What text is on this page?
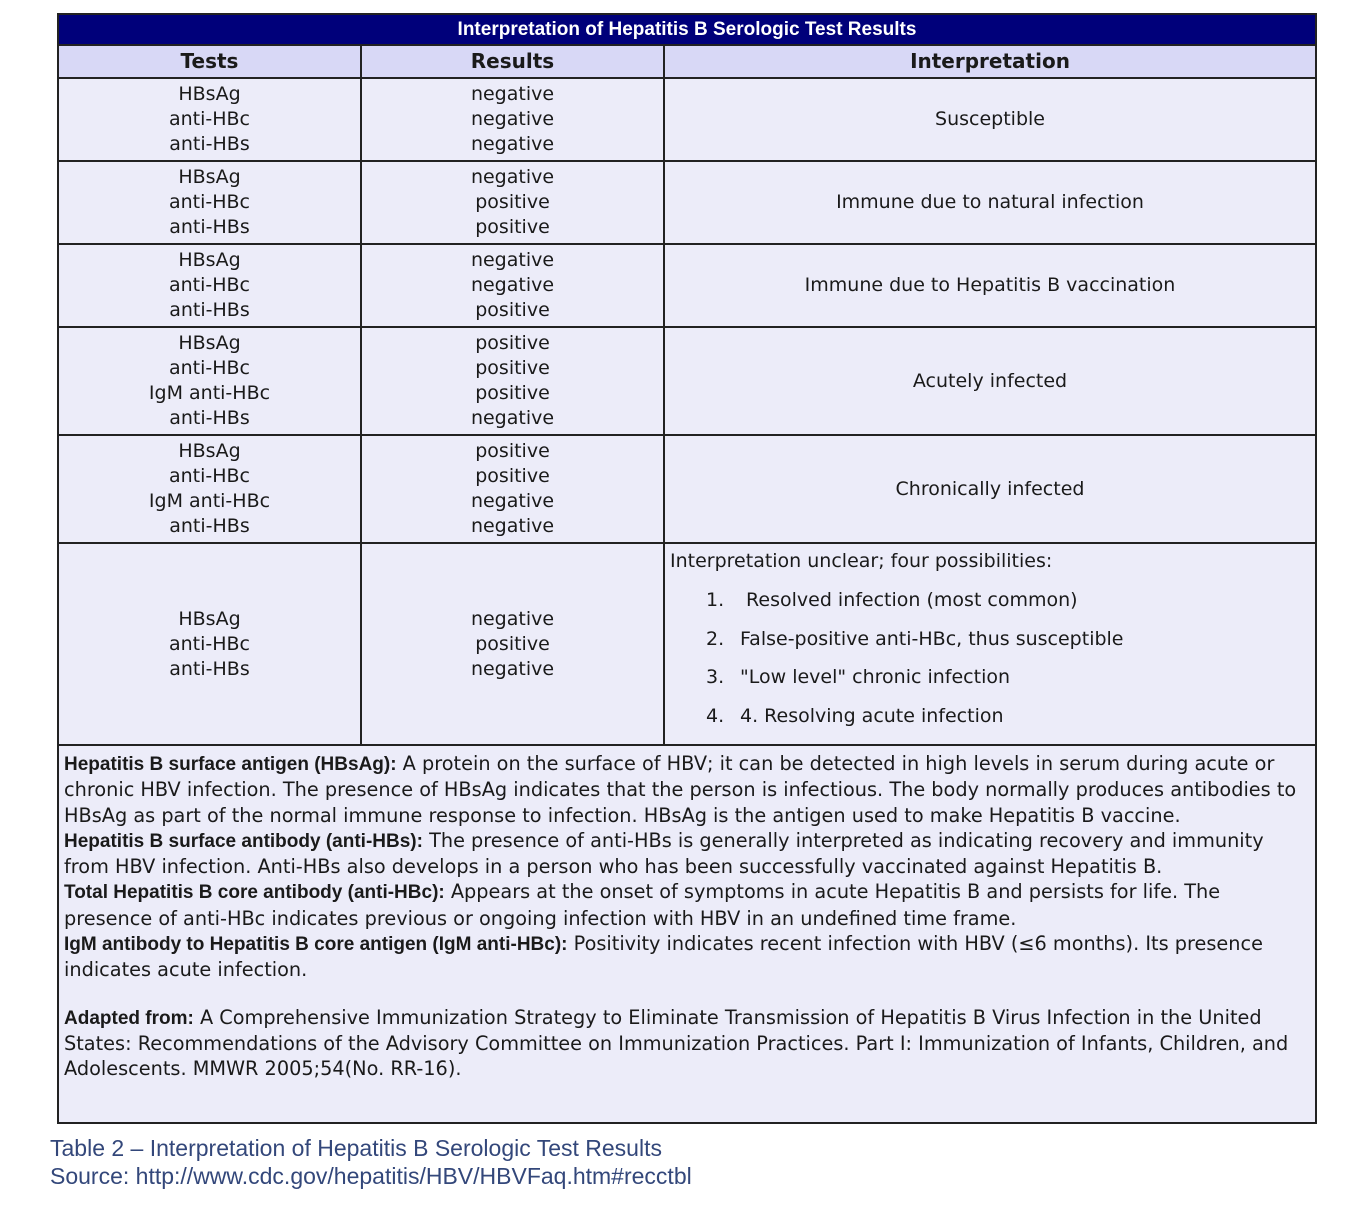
Interpretation of Hepatitis B Serologic Test Results
Tests	Results	Interpretation
HBsAg
anti-HBc
anti-HBs
negative
negative
negative
Susceptible
HBsAg
anti-HBc
anti-HBs
negative
positive
positive
Immune due to natural infection
HBsAg
anti-HBc
anti-HBs
negative
negative
positive
Immune due to Hepatitis B vaccination
HBsAg
anti-HBc
IgM anti-HBc
anti-HBs
positive
positive
positive
negative
Acutely infected
HBsAg
anti-HBc
IgM anti-HBc
anti-HBs
positive
positive
negative
negative
Chronically infected
HBsAg
anti-HBc
anti-HBs
negative
positive
negative
Interpretation unclear; four possibilities:
1. Resolved infection (most common)
2. False-positive anti-HBc, thus susceptible
3. "Low level" chronic infection
4. 4. Resolving acute infection

Hepatitis B surface antigen (HBsAg): A protein on the surface of HBV; it can be detected in high levels in serum during acute or chronic HBV infection. The presence of HBsAg indicates that the person is infectious. The body normally produces antibodies to HBsAg as part of the normal immune response to infection. HBsAg is the antigen used to make Hepatitis B vaccine.

Hepatitis B surface antibody (anti-HBs): The presence of anti-HBs is generally interpreted as indicating recovery and immunity from HBV infection. Anti-HBs also develops in a person who has been successfully vaccinated against Hepatitis B.

Total Hepatitis B core antibody (anti-HBc): Appears at the onset of symptoms in acute Hepatitis B and persists for life. The presence of anti-HBc indicates previous or ongoing infection with HBV in an undefined time frame.

IgM antibody to Hepatitis B core antigen (IgM anti-HBc): Positivity indicates recent infection with HBV (≤6 months). Its presence indicates acute infection.

Adapted from: A Comprehensive Immunization Strategy to Eliminate Transmission of Hepatitis B Virus Infection in the United States: Recommendations of the Advisory Committee on Immunization Practices. Part I: Immunization of Infants, Children, and Adolescents. MMWR 2005;54(No. RR-16).

Table 2 – Interpretation of Hepatitis B Serologic Test Results
Source: http://www.cdc.gov/hepatitis/HBV/HBVFaq.htm#recctbl
